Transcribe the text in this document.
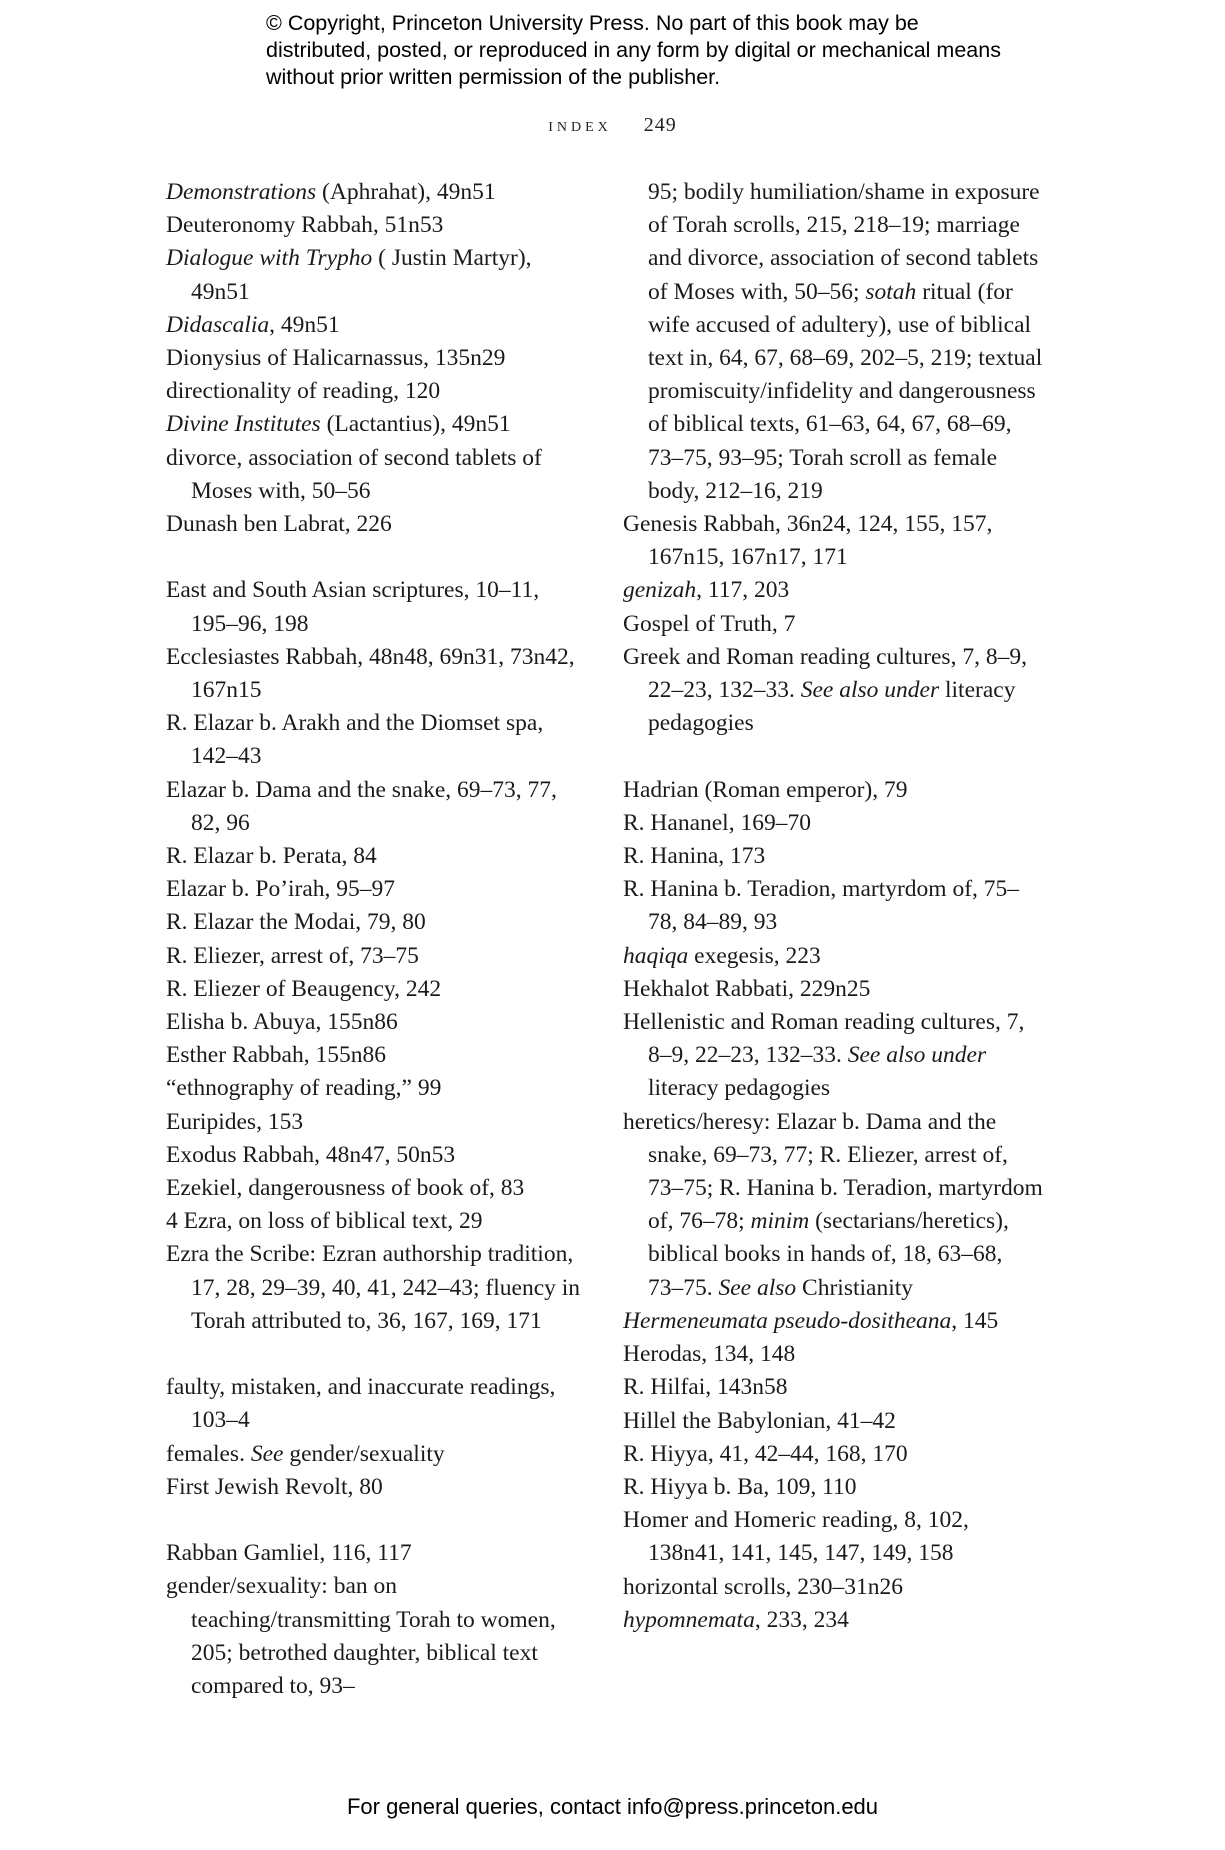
© Copyright, Princeton University Press. No part of this book may be distributed, posted, or reproduced in any form by digital or mechanical means without prior written permission of the publisher.
index 249
Demonstrations (Aphrahat), 49n51
Deuteronomy Rabbah, 51n53
Dialogue with Trypho ( Justin Martyr), 49n51
Didascalia, 49n51
Dionysius of Halicarnassus, 135n29
directionality of reading, 120
Divine Institutes (Lactantius), 49n51
divorce, association of second tablets of Moses with, 50–56
Dunash ben Labrat, 226
East and South Asian scriptures, 10–11, 195–96, 198
Ecclesiastes Rabbah, 48n48, 69n31, 73n42, 167n15
R. Elazar b. Arakh and the Diomset spa, 142–43
Elazar b. Dama and the snake, 69–73, 77, 82, 96
R. Elazar b. Perata, 84
Elazar b. Po’irah, 95–97
R. Elazar the Modai, 79, 80
R. Eliezer, arrest of, 73–75
R. Eliezer of Beaugency, 242
Elisha b. Abuya, 155n86
Esther Rabbah, 155n86
“ethnography of reading,” 99
Euripides, 153
Exodus Rabbah, 48n47, 50n53
Ezekiel, dangerousness of book of, 83
4 Ezra, on loss of biblical text, 29
Ezra the Scribe: Ezran authorship tradition, 17, 28, 29–39, 40, 41, 242–43; fluency in Torah attributed to, 36, 167, 169, 171
faulty, mistaken, and inaccurate readings, 103–4
females. See gender/sexuality
First Jewish Revolt, 80
Rabban Gamliel, 116, 117
gender/sexuality: ban on teaching/transmitting Torah to women, 205; betrothed daughter, biblical text compared to, 93–
95; bodily humiliation/shame in exposure of Torah scrolls, 215, 218–19; marriage and divorce, association of second tablets of Moses with, 50–56; sotah ritual (for wife accused of adultery), use of biblical text in, 64, 67, 68–69, 202–5, 219; textual promiscuity/infidelity and dangerousness of biblical texts, 61–63, 64, 67, 68–69, 73–75, 93–95; Torah scroll as female body, 212–16, 219
Genesis Rabbah, 36n24, 124, 155, 157, 167n15, 167n17, 171
genizah, 117, 203
Gospel of Truth, 7
Greek and Roman reading cultures, 7, 8–9, 22–23, 132–33. See also under literacy pedagogies
Hadrian (Roman emperor), 79
R. Hananel, 169–70
R. Hanina, 173
R. Hanina b. Teradion, martyrdom of, 75–78, 84–89, 93
haqiqa exegesis, 223
Hekhalot Rabbati, 229n25
Hellenistic and Roman reading cultures, 7, 8–9, 22–23, 132–33. See also under literacy pedagogies
heretics/heresy: Elazar b. Dama and the snake, 69–73, 77; R. Eliezer, arrest of, 73–75; R. Hanina b. Teradion, martyrdom of, 76–78; minim (sectarians/heretics), biblical books in hands of, 18, 63–68, 73–75. See also Christianity
Hermeneumata pseudo-dositheana, 145
Herodas, 134, 148
R. Hilfai, 143n58
Hillel the Babylonian, 41–42
R. Hiyya, 41, 42–44, 168, 170
R. Hiyya b. Ba, 109, 110
Homer and Homeric reading, 8, 102, 138n41, 141, 145, 147, 149, 158
horizontal scrolls, 230–31n26
hypomnemata, 233, 234
For general queries, contact info@press.princeton.edu
